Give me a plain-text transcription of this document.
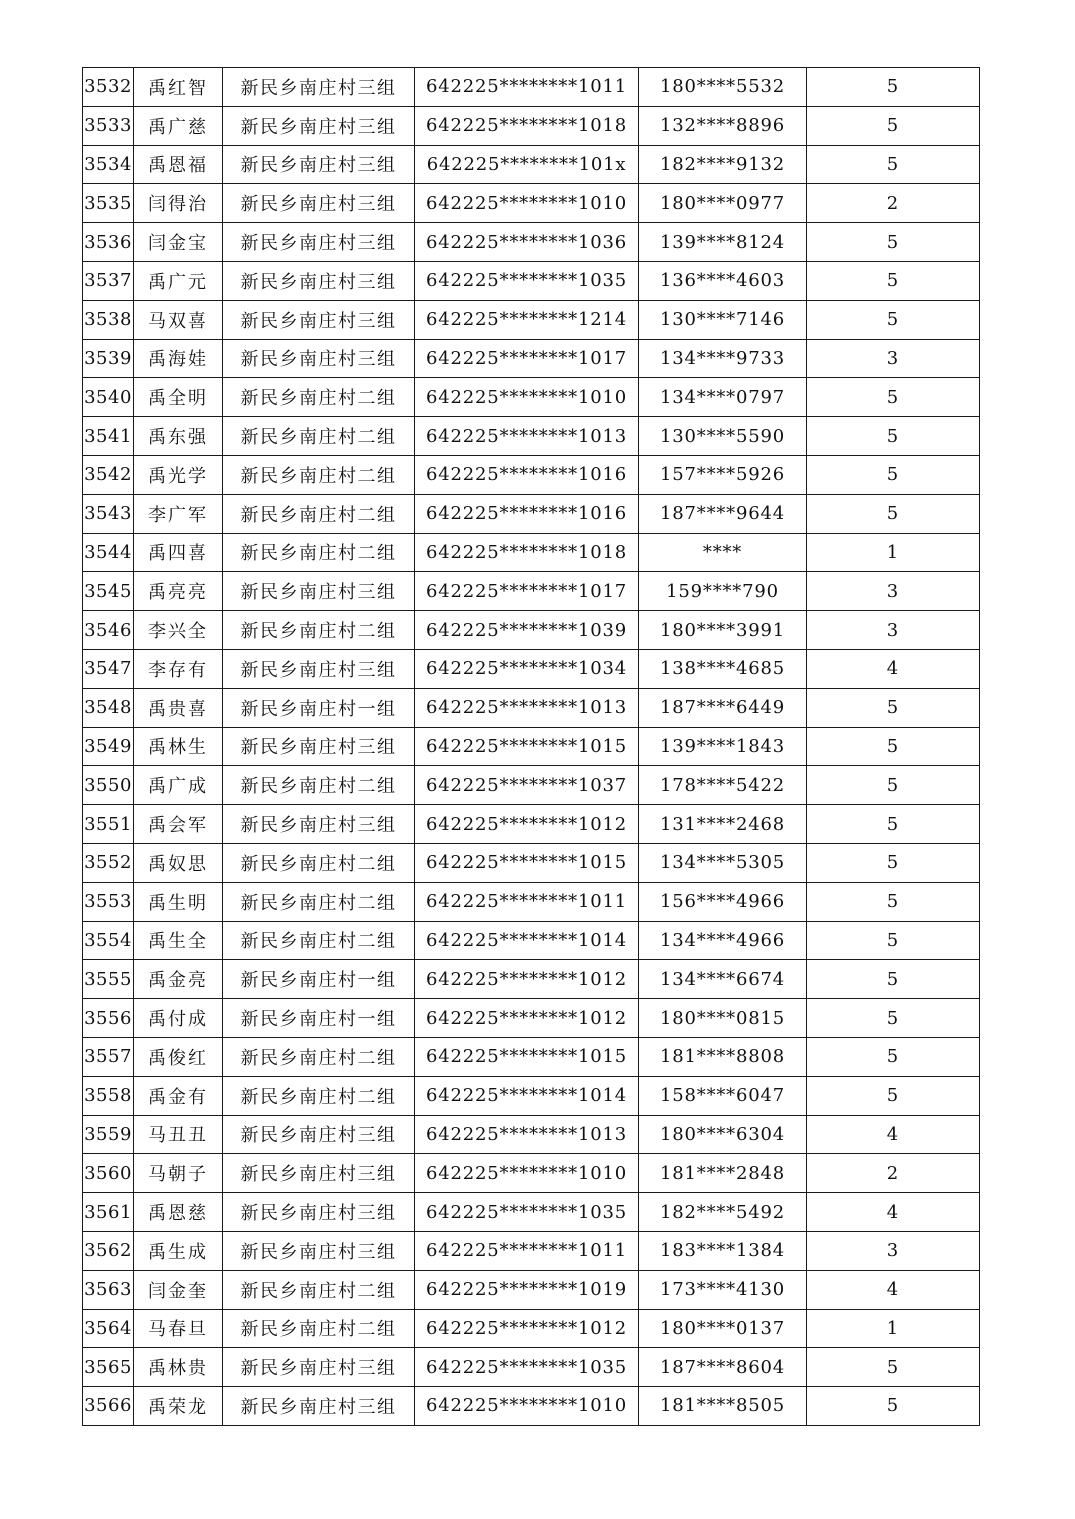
3532	禹红智	新民乡南庄村三组	642225********1011	180****5532	5
3533	禹广慈	新民乡南庄村三组	642225********1018	132****8896	5
3534	禹恩福	新民乡南庄村三组	642225********101x	182****9132	5
3535	闫得治	新民乡南庄村三组	642225********1010	180****0977	2
3536	闫金宝	新民乡南庄村三组	642225********1036	139****8124	5
3537	禹广元	新民乡南庄村三组	642225********1035	136****4603	5
3538	马双喜	新民乡南庄村三组	642225********1214	130****7146	5
3539	禹海娃	新民乡南庄村三组	642225********1017	134****9733	3
3540	禹全明	新民乡南庄村二组	642225********1010	134****0797	5
3541	禹东强	新民乡南庄村二组	642225********1013	130****5590	5
3542	禹光学	新民乡南庄村二组	642225********1016	157****5926	5
3543	李广军	新民乡南庄村二组	642225********1016	187****9644	5
3544	禹四喜	新民乡南庄村二组	642225********1018	****	1
3545	禹亮亮	新民乡南庄村三组	642225********1017	159****790	3
3546	李兴全	新民乡南庄村二组	642225********1039	180****3991	3
3547	李存有	新民乡南庄村三组	642225********1034	138****4685	4
3548	禹贵喜	新民乡南庄村一组	642225********1013	187****6449	5
3549	禹林生	新民乡南庄村三组	642225********1015	139****1843	5
3550	禹广成	新民乡南庄村二组	642225********1037	178****5422	5
3551	禹会军	新民乡南庄村三组	642225********1012	131****2468	5
3552	禹奴思	新民乡南庄村二组	642225********1015	134****5305	5
3553	禹生明	新民乡南庄村二组	642225********1011	156****4966	5
3554	禹生全	新民乡南庄村二组	642225********1014	134****4966	5
3555	禹金亮	新民乡南庄村一组	642225********1012	134****6674	5
3556	禹付成	新民乡南庄村一组	642225********1012	180****0815	5
3557	禹俊红	新民乡南庄村二组	642225********1015	181****8808	5
3558	禹金有	新民乡南庄村二组	642225********1014	158****6047	5
3559	马丑丑	新民乡南庄村三组	642225********1013	180****6304	4
3560	马朝子	新民乡南庄村三组	642225********1010	181****2848	2
3561	禹恩慈	新民乡南庄村三组	642225********1035	182****5492	4
3562	禹生成	新民乡南庄村三组	642225********1011	183****1384	3
3563	闫金奎	新民乡南庄村二组	642225********1019	173****4130	4
3564	马春旦	新民乡南庄村二组	642225********1012	180****0137	1
3565	禹林贵	新民乡南庄村三组	642225********1035	187****8604	5
3566	禹荣龙	新民乡南庄村三组	642225********1010	181****8505	5
